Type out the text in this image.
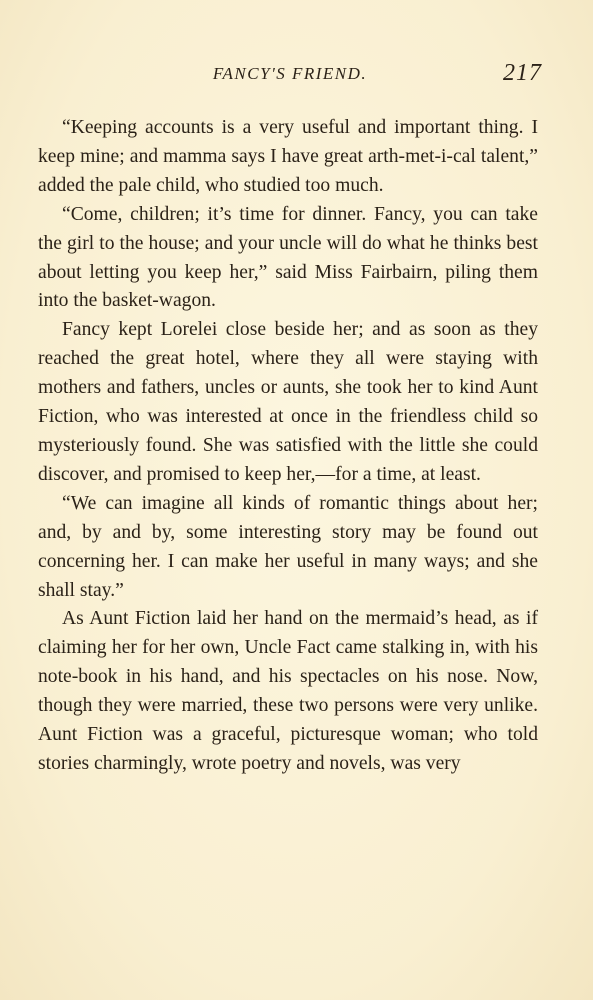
FANCY'S FRIEND.	217

“Keeping accounts is a very useful and important thing. I keep mine; and mamma says I have great arth-met-i-cal talent,” added the pale child, who studied too much.

“Come, children; it’s time for dinner. Fancy, you can take the girl to the house; and your uncle will do what he thinks best about letting you keep her,” said Miss Fairbairn, piling them into the basket-wagon.

Fancy kept Lorelei close beside her; and as soon as they reached the great hotel, where they all were staying with mothers and fathers, uncles or aunts, she took her to kind Aunt Fiction, who was interested at once in the friendless child so mysteriously found. She was satisfied with the little she could discover, and promised to keep her,—for a time, at least.

“We can imagine all kinds of romantic things about her; and, by and by, some interesting story may be found out concerning her. I can make her useful in many ways; and she shall stay.”

As Aunt Fiction laid her hand on the mermaid’s head, as if claiming her for her own, Uncle Fact came stalking in, with his note-book in his hand, and his spectacles on his nose. Now, though they were married, these two persons were very unlike. Aunt Fiction was a graceful, picturesque woman; who told stories charmingly, wrote poetry and novels, was very
